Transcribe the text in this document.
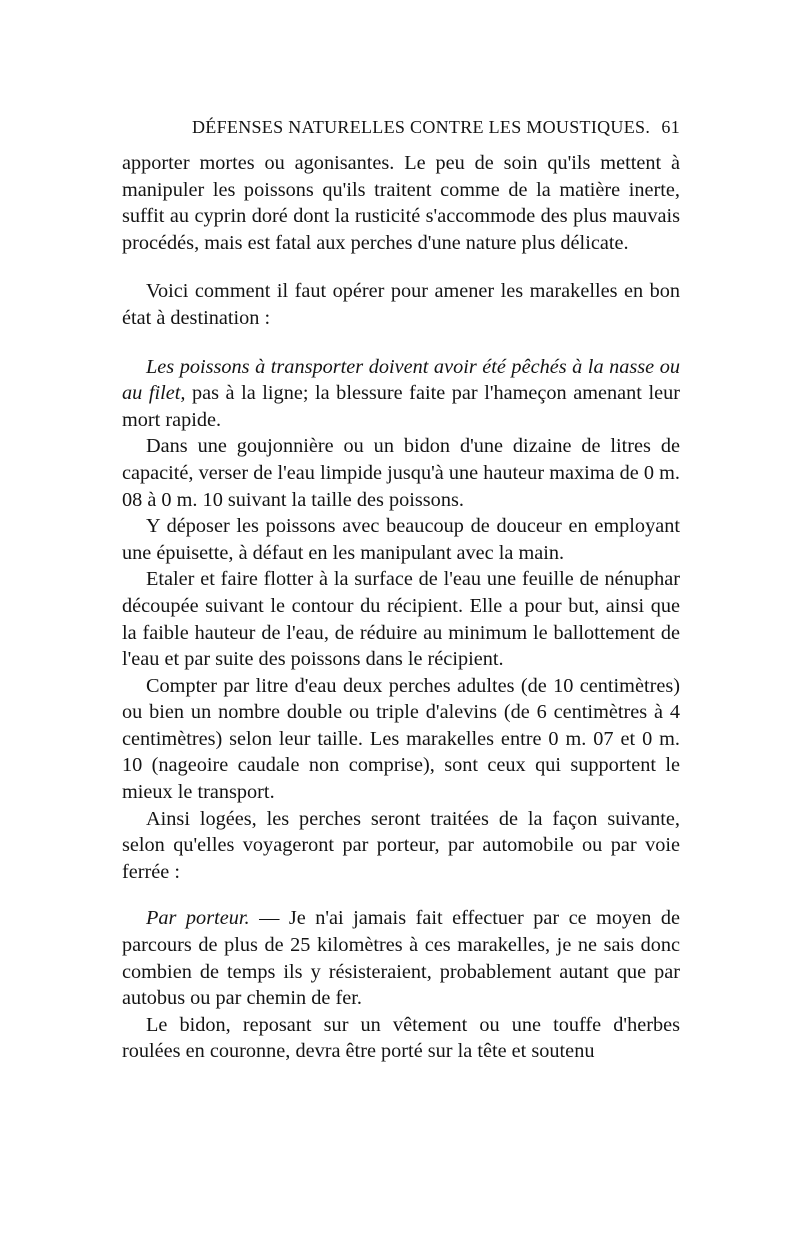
DÉFENSES NATURELLES CONTRE LES MOUSTIQUES. 61

apporter mortes ou agonisantes. Le peu de soin qu'ils mettent à manipuler les poissons qu'ils traitent comme de la matière inerte, suffit au cyprin doré dont la rusticité s'accommode des plus mauvais procédés, mais est fatal aux perches d'une nature plus délicate.

Voici comment il faut opérer pour amener les marakelles en bon état à destination :

Les poissons à transporter doivent avoir été pêchés à la nasse ou au filet, pas à la ligne; la blessure faite par l'hameçon amenant leur mort rapide.

Dans une goujonnière ou un bidon d'une dizaine de litres de capacité, verser de l'eau limpide jusqu'à une hauteur maxima de 0 m. 08 à 0 m. 10 suivant la taille des poissons.

Y déposer les poissons avec beaucoup de douceur en employant une épuisette, à défaut en les manipulant avec la main.

Etaler et faire flotter à la surface de l'eau une feuille de nénuphar découpée suivant le contour du récipient. Elle a pour but, ainsi que la faible hauteur de l'eau, de réduire au minimum le ballottement de l'eau et par suite des poissons dans le récipient.

Compter par litre d'eau deux perches adultes (de 10 centimètres) ou bien un nombre double ou triple d'alevins (de 6 centimètres à 4 centimètres) selon leur taille. Les marakelles entre 0 m. 07 et 0 m. 10 (nageoire caudale non comprise), sont ceux qui supportent le mieux le transport.

Ainsi logées, les perches seront traitées de la façon suivante, selon qu'elles voyageront par porteur, par automobile ou par voie ferrée :

Par porteur. — Je n'ai jamais fait effectuer par ce moyen de parcours de plus de 25 kilomètres à ces marakelles, je ne sais donc combien de temps ils y résisteraient, probablement autant que par autobus ou par chemin de fer.

Le bidon, reposant sur un vêtement ou une touffe d'herbes roulées en couronne, devra être porté sur la tête et soutenu
